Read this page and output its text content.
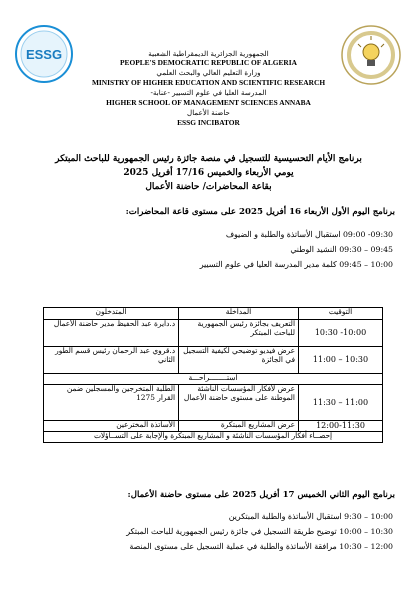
ESSG	الجمهورية الجزائرية الديمقراطية الشعبية
PEOPLE'S DEMOCRATIC REPUBLIC OF ALGERIA
وزارة التعليم العالي والبحث العلمي
MINISTRY OF HIGHER EDUCATION AND SCIENTIFIC RESEARCH
المدرسة العليا في علوم التسيير -عنابة-
HIGHER SCHOOL OF MANAGEMENT SCIENCES ANNABA
حاضنة الأعمال
ESSG INCIBATOR
برنامج الأيام التحسيسية للتسجيل في منصة جائزة رئيس الجمهورية للباحث المبتكر
يومي الأربعاء والخميس 17/16 أفريل 2025
بقاعة المحاضرات/ حاضنة الأعمال
برنامج اليوم الأول الأربعاء 16 أفريل 2025 على مستوى قاعة المحاضرات:
09:00 -09:30 استقبال الأساتذة والطلبة و الضيوف
09:30 – 09:45 النشيد الوطني
09:45 – 10:00 كلمة مدير المدرسة العليا في علوم التسيير
التوقيت	المداخلة	المتدخلون
10:30 -10:00	التعريف بجائزة رئيس الجمهورية للباحث المبتكر	د.دايرة عبد الحفيظ مدير حاضنة الأعمال
11:00 – 10:30	عرض فيديو توضيحي لكيفية التسجيل في الجائزة	د.قروي عبد الرحمان رئيس قسم الطور الثاني
استــــــــراحـــة		
11:30 – 11:00	عرض لأفكار المؤسسات الناشئة الموطنة على مستوى حاضنة الأعمال	الطلبة المتخرجين والمسجلين ضمن القرار 1275
12:00-11:30	عرض المشاريع المبتكرة	الأساتذة المخترعين
إحصــاء أفكار المؤسسات الناشئة و المشاريع المبتكرة والإجابة على التســاؤلات		
برنامج اليوم الثاني الخميس 17 أفريل 2025 على مستوى حاضنة الأعمال:
9:30 – 10:00 استقبال الأساتذة والطلبة المبتكرين
10:00 – 10:30 توضيح طريقة التسجيل في جائزة رئيس الجمهورية للباحث المبتكر
10:30 – 12:00 مرافقة الأساتذة والطلبة في عملية التسجيل على مستوى المنصة
